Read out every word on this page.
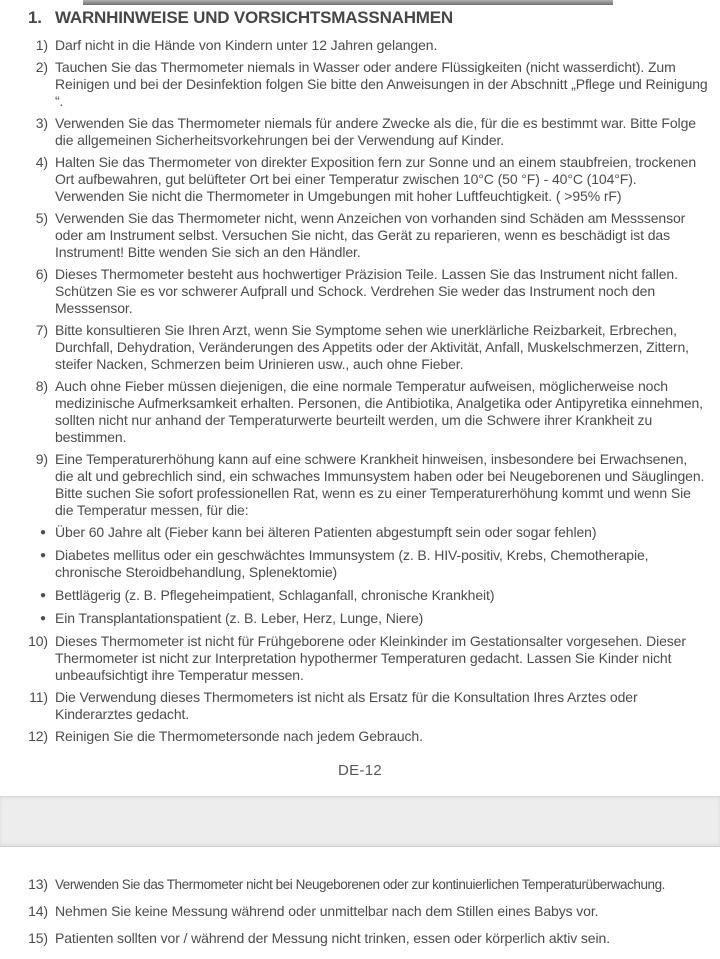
1. WARNHINWEISE UND VORSICHTSMASSNAHMEN
1) Darf nicht in die Hände von Kindern unter 12 Jahren gelangen.
2) Tauchen Sie das Thermometer niemals in Wasser oder andere Flüssigkeiten (nicht wasserdicht). Zum Reinigen und bei der Desinfektion folgen Sie bitte den Anweisungen in der Abschnitt „Pflege und Reinigung “.
3) Verwenden Sie das Thermometer niemals für andere Zwecke als die, für die es bestimmt war. Bitte Folge die allgemeinen Sicherheitsvorkehrungen bei der Verwendung auf Kinder.
4) Halten Sie das Thermometer von direkter Exposition fern zur Sonne und an einem staubfreien, trockenen Ort aufbewahren, gut belüfteter Ort bei einer Temperatur zwischen 10°C (50 °F) - 40°C (104°F). Verwenden Sie nicht die Thermometer in Umgebungen mit hoher Luftfeuchtigkeit. ( >95% rF)
5) Verwenden Sie das Thermometer nicht, wenn Anzeichen von vorhanden sind Schäden am Messsensor oder am Instrument selbst. Versuchen Sie nicht, das Gerät zu reparieren, wenn es beschädigt ist das Instrument! Bitte wenden Sie sich an den Händler.
6) Dieses Thermometer besteht aus hochwertiger Präzision Teile. Lassen Sie das Instrument nicht fallen. Schützen Sie es vor schwerer Aufprall und Schock. Verdrehen Sie weder das Instrument noch den Messsensor.
7) Bitte konsultieren Sie Ihren Arzt, wenn Sie Symptome sehen wie unerklärliche Reizbarkeit, Erbrechen, Durchfall, Dehydration, Veränderungen des Appetits oder der Aktivität, Anfall, Muskelschmerzen, Zittern, steifer Nacken, Schmerzen beim Urinieren usw., auch ohne Fieber.
8) Auch ohne Fieber müssen diejenigen, die eine normale Temperatur aufweisen, möglicherweise noch medizinische Aufmerksamkeit erhalten. Personen, die Antibiotika, Analgetika oder Antipyretika einnehmen, sollten nicht nur anhand der Temperaturwerte beurteilt werden, um die Schwere ihrer Krankheit zu bestimmen.
9) Eine Temperaturerhöhung kann auf eine schwere Krankheit hinweisen, insbesondere bei Erwachsenen, die alt und gebrechlich sind, ein schwaches Immunsystem haben oder bei Neugeborenen und Säuglingen. Bitte suchen Sie sofort professionellen Rat, wenn es zu einer Temperaturerhöhung kommt und wenn Sie die Temperatur messen, für die:
● Über 60 Jahre alt (Fieber kann bei älteren Patienten abgestumpft sein oder sogar fehlen)
● Diabetes mellitus oder ein geschwächtes Immunsystem (z. B. HIV-positiv, Krebs, Chemotherapie, chronische Steroidbehandlung, Splenektomie)
● Bettlägerig (z. B. Pflegeheimpatient, Schlaganfall, chronische Krankheit)
● Ein Transplantationspatient (z. B. Leber, Herz, Lunge, Niere)
10) Dieses Thermometer ist nicht für Frühgeborene oder Kleinkinder im Gestationsalter vorgesehen. Dieser Thermometer ist nicht zur Interpretation hypothermer Temperaturen gedacht. Lassen Sie Kinder nicht unbeaufsichtigt ihre Temperatur messen.
11) Die Verwendung dieses Thermometers ist nicht als Ersatz für die Konsultation Ihres Arztes oder Kinderarztes gedacht.
12) Reinigen Sie die Thermometersonde nach jedem Gebrauch.
DE-12
13) Verwenden Sie das Thermometer nicht bei Neugeborenen oder zur kontinuierlichen Temperaturüberwachung.
14) Nehmen Sie keine Messung während oder unmittelbar nach dem Stillen eines Babys vor.
15) Patienten sollten vor / während der Messung nicht trinken, essen oder körperlich aktiv sein.
